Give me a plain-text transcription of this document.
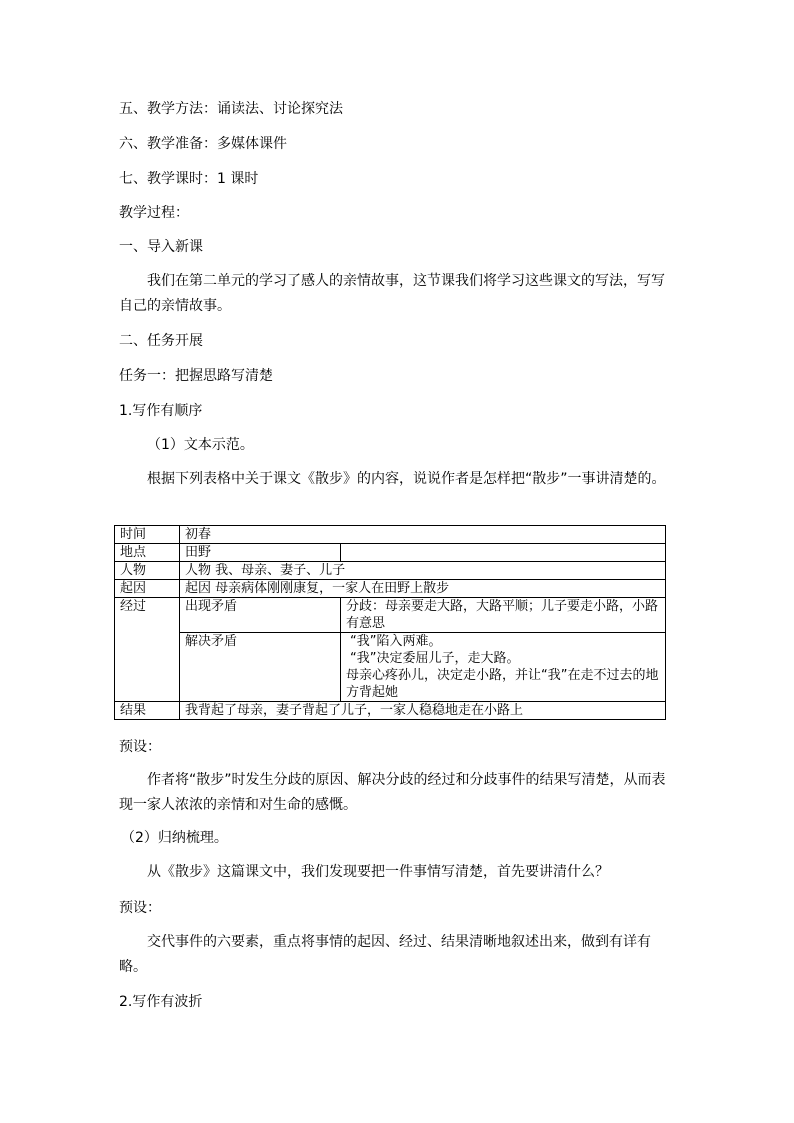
五、教学方法：诵读法、讨论探究法
六、教学准备：多媒体课件
七、教学课时：1 课时
教学过程：
一、导入新课
我们在第二单元的学习了感人的亲情故事，这节课我们将学习这些课文的写法，写写自己的亲情故事。
二、任务开展
任务一：把握思路写清楚
1.写作有顺序
（1）文本示范。
根据下列表格中关于课文《散步》的内容，说说作者是怎样把“散步”一事讲清楚的。
时间	初春	
地点	田野	
人物	人物 我、母亲、妻子、儿子	
起因	起因 母亲病体刚刚康复，一家人在田野上散步	
经过	出现矛盾	分歧：母亲要走大路，大路平顺；儿子要走小路，小路有意思
	解决矛盾	“我”陷入两难。
“我”决定委屈儿子，走大路。
母亲心疼孙儿，决定走小路，并让“我”在走不过去的地方背起她

结果	我背起了母亲，妻子背起了儿子，一家人稳稳地走在小路上	
预设：
作者将“散步”时发生分歧的原因、解决分歧的经过和分歧事件的结果写清楚，从而表现一家人浓浓的亲情和对生命的感慨。
（2）归纳梳理。
从《散步》这篇课文中，我们发现要把一件事情写清楚，首先要讲清什么？
预设：
交代事件的六要素，重点将事情的起因、经过、结果清晰地叙述出来，做到有详有略。
2.写作有波折
